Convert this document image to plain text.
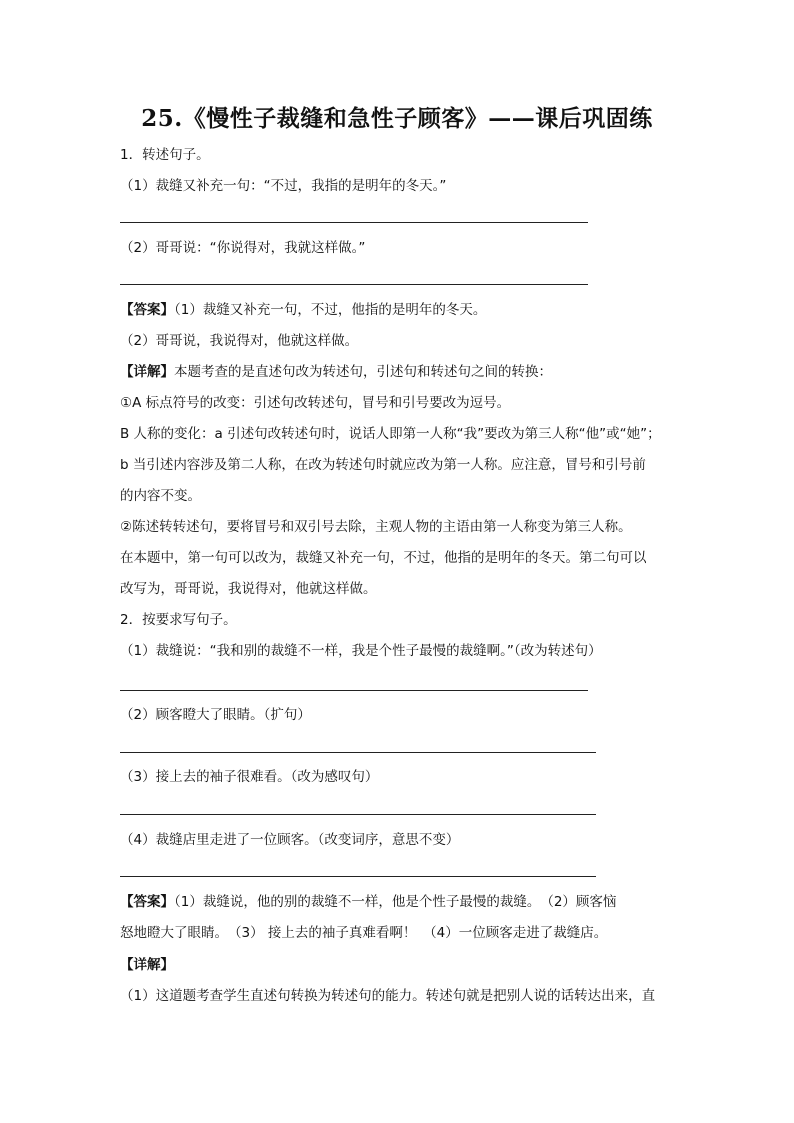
25.《慢性子裁缝和急性子顾客》——课后巩固练
1．转述句子。
（1）裁缝又补充一句：“不过，我指的是明年的冬天。”
（2）哥哥说：“你说得对，我就这样做。”
【答案】（1）裁缝又补充一句，不过，他指的是明年的冬天。
（2）哥哥说，我说得对，他就这样做。
【详解】本题考查的是直述句改为转述句，引述句和转述句之间的转换：
①A 标点符号的改变：引述句改转述句，冒号和引号要改为逗号。
B 人称的变化：a 引述句改转述句时，说话人即第一人称“我”要改为第三人称“他”或“她”；
b 当引述内容涉及第二人称，在改为转述句时就应改为第一人称。应注意，冒号和引号前
的内容不变。
②陈述转转述句，要将冒号和双引号去除，主观人物的主语由第一人称变为第三人称。
在本题中，第一句可以改为，裁缝又补充一句，不过，他指的是明年的冬天。第二句可以
改写为，哥哥说，我说得对，他就这样做。
2．按要求写句子。
（1）裁缝说：“我和别的裁缝不一样，我是个性子最慢的裁缝啊。”（改为转述句）
（2）顾客瞪大了眼睛。（扩句）
（3）接上去的袖子很难看。（改为感叹句）
（4）裁缝店里走进了一位顾客。（改变词序，意思不变）
【答案】（1）裁缝说，他的别的裁缝不一样，他是个性子最慢的裁缝。　（2）顾客恼
怒地瞪大了眼睛。　（3） 接上去的袖子真难看啊！　（4）一位顾客走进了裁缝店。
【详解】
（1）这道题考查学生直述句转换为转述句的能力。转述句就是把别人说的话转达出来，直
